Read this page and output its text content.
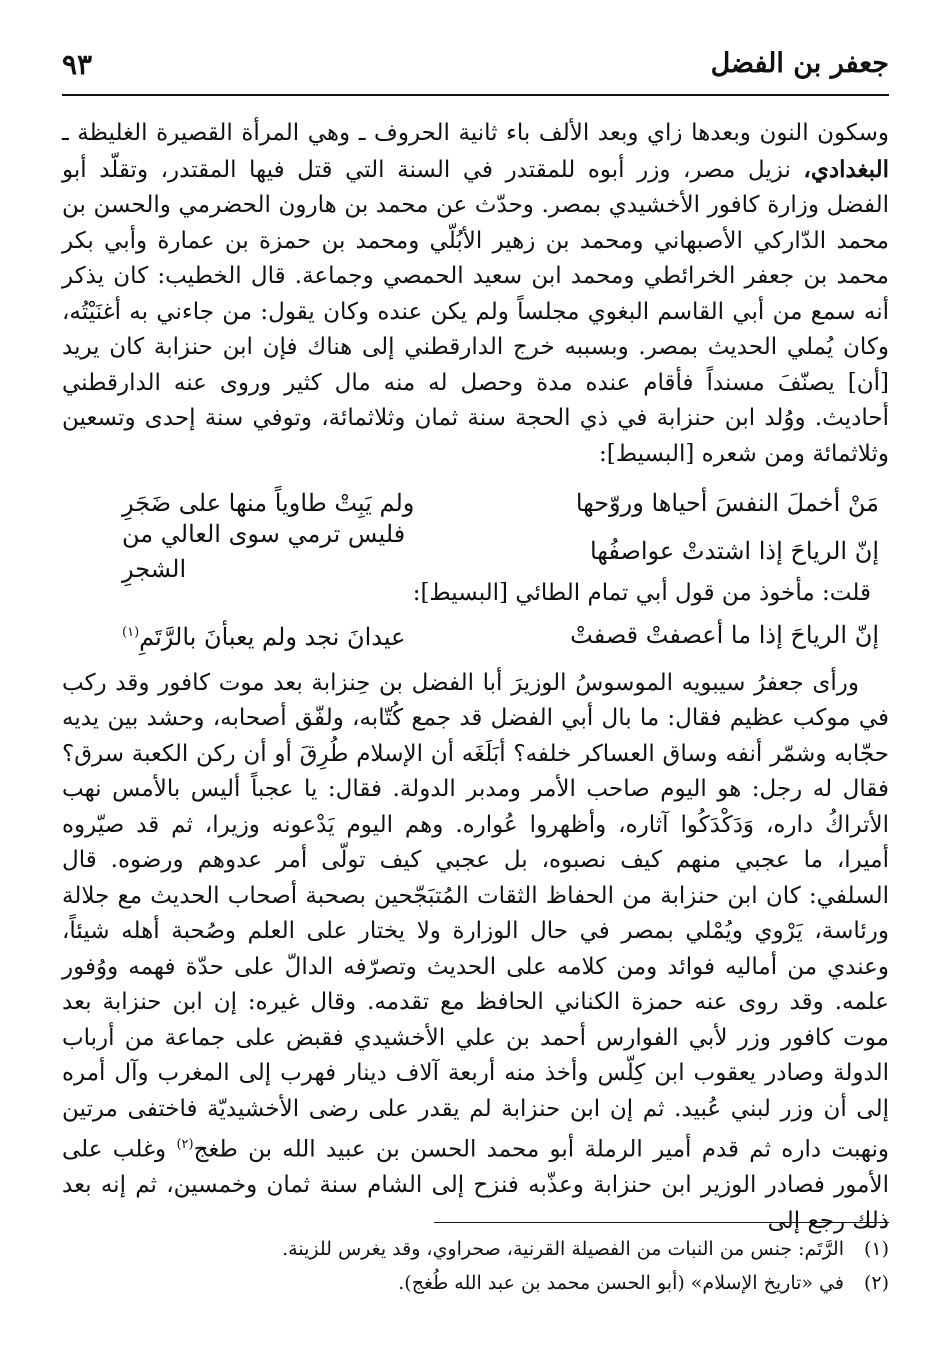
جعفر بن الفضل
٩٣

وسكون النون وبعدها زاي وبعد الألف باء ثانية الحروف ـ وهي المرأة القصيرة الغليظة ـ البغدادي، نزيل مصر، وزر أبوه للمقتدر في السنة التي قتل فيها المقتدر، وتقلّد أبو الفضل وزارة كافور الأخشيدي بمصر. وحدّث عن محمد بن هارون الحضرمي والحسن بن محمد الدّاركي الأصبهاني ومحمد بن زهير الأبُلّي ومحمد بن حمزة بن عمارة وأبي بكر محمد بن جعفر الخرائطي ومحمد ابن سعيد الحمصي وجماعة. قال الخطيب: كان يذكر أنه سمع من أبي القاسم البغوي مجلساً ولم يكن عنده وكان يقول: من جاءني به أغنَيْتُه، وكان يُملي الحديث بمصر. وبسببه خرج الدارقطني إلى هناك فإن ابن حنزابة كان يريد [أن] يصنّفَ مسنداً فأقام عنده مدة وحصل له منه مال كثير وروى عنه الدارقطني أحاديث. ووُلد ابن حنزابة في ذي الحجة سنة ثمان وثلاثمائة، وتوفي سنة إحدى وتسعين وثلاثمائة ومن شعره [البسيط]:

مَنْ أخملَ النفسَ أحياها وروّحها
ولم يَبِتْ طاوياً منها على ضَجَرِ
إنّ الرياحَ إذا اشتدتْ عواصفُها
فليس ترمي سوى العالي من الشجرِ

قلت: مأخوذ من قول أبي تمام الطائي [البسيط]:

إنّ الرياحَ إذا ما أعصفتْ قصفتْ
عيدانَ نجد ولم يعبأنَ بالرَّتَمِ$^{(١)}$

ورأى جعفرُ سيبويه الموسوسُ الوزيرَ أبا الفضل بن حِنزابة بعد موت كافور وقد ركب في موكب عظيم فقال: ما بال أبي الفضل قد جمع كُتّابه، ولفّق أصحابه، وحشد بين يديه حجّابه وشمّر أنفه وساق العساكر خلفه؟ أبَلَغَه أن الإسلام طُرِقَ أو أن ركن الكعبة سرق؟ فقال له رجل: هو اليوم صاحب الأمر ومدبر الدولة. فقال: يا عجباً أليس بالأمس نهب الأتراكُ داره، وَدَكْدَكُوا آثاره، وأظهروا عُواره. وهم اليوم يَدْعونه وزيرا، ثم قد صيّروه أميرا، ما عجبي منهم كيف نصبوه، بل عجبي كيف تولّى أمر عدوهم ورضوه. قال السلفي: كان ابن حنزابة من الحفاظ الثقات المُتبَجّحين بصحبة أصحاب الحديث مع جلالة ورئاسة، يَرْوي ويُمْلي بمصر في حال الوزارة ولا يختار على العلم وصُحبة أهله شيئاً، وعندي من أماليه فوائد ومن كلامه على الحديث وتصرّفه الدالّ على حدّة فهمه ووُفور علمه. وقد روى عنه حمزة الكناني الحافظ مع تقدمه. وقال غيره: إن ابن حنزابة بعد موت كافور وزر لأبي الفوارس أحمد بن علي الأخشيدي فقبض على جماعة من أرباب الدولة وصادر يعقوب ابن كِلّس وأخذ منه أربعة آلاف دينار فهرب إلى المغرب وآل أمره إلى أن وزر لبني عُبيد. ثم إن ابن حنزابة لم يقدر على رضى الأخشيديّة فاختفى مرتين ونهبت داره ثم قدم أمير الرملة أبو محمد الحسن بن عبيد الله بن طغج$^{(٢)}$ وغلب على الأمور فصادر الوزير ابن حنزابة وعذّبه فنزح إلى الشام سنة ثمان وخمسين، ثم إنه بعد ذلك رجع إلى

(١)
الرَّتَم: جنس من النبات من الفصيلة القرنية، صحراوي، وقد يغرس للزينة.
(٢)
في «تاريخ الإسلام» (أبو الحسن محمد بن عبد الله طُغج).
